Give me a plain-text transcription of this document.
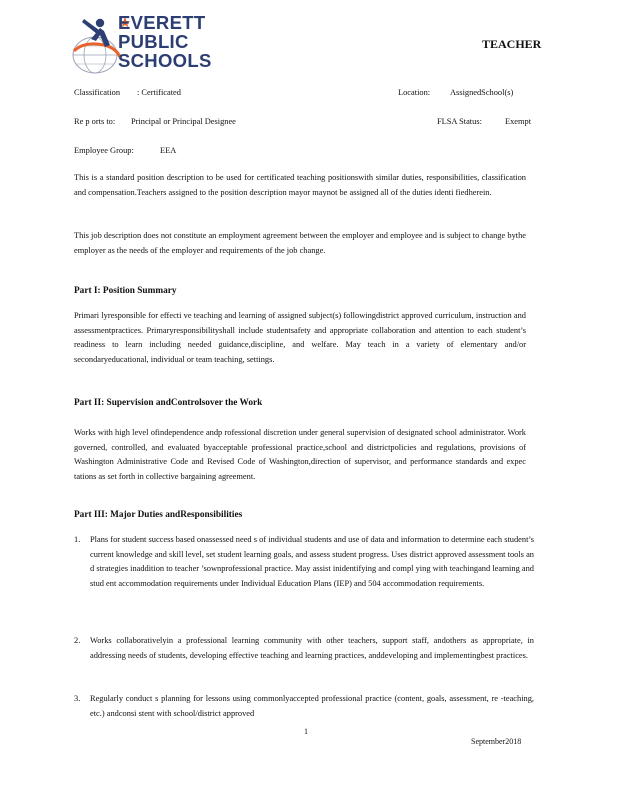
EVERETT
PUBLIC
SCHOOLS
TEACHER
Classification : Certificated	Location: AssignedSchool(s)
Re p orts to: Principal or Principal Designee	FLSA Status:	Exempt
Employee Group:	EEA

This is a standard position description to be used for certificated teaching positionswith similar duties, responsibilities, classification and compensation.Teachers assigned to the position description mayor maynot be assigned all of the duties identi fiedherein.

This job description does not constitute an employment agreement between the employer and employee and is subject to change bythe employer as the needs of the employer and requirements of the job change.

Part I: Position Summary

Primari lyresponsible for effecti ve teaching and learning of assigned subject(s) followingdistrict approved curriculum, instruction and assessmentpractices. Primaryresponsibilityshall include studentsafety and appropriate collaboration and attention to each student’s readiness to learn including needed guidance,discipline, and welfare. May teach in a variety of elementary and/or secondaryeducational, individual or team teaching, settings.

Part II: Supervision andControlsover the Work

Works with high level ofindependence andp rofessional discretion under general supervision of designated school administrator. Work governed, controlled, and evaluated byacceptable professional practice,school and districtpolicies and regulations, provisions of Washington Administrative Code and Revised Code of Washington,direction of supervisor, and performance standards and expec tations as set forth in collective bargaining agreement.

Part III: Major Duties andResponsibilities
1. Plans for student success based onassessed need s of individual students and use of data and information to determine each student’s current knowledge and skill level, set student learning goals, and assess student progress. Uses district approved assessment tools an d strategies inaddition to teacher ’sownprofessional practice. May assist inidentifying and compl ying with teachingand learning and stud ent accommodation requirements under Individual Education Plans (IEP) and 504 accommodation requirements.
2. Works collaborativelyin a professional learning community with other teachers, support staff, andothers as appropriate, in addressing needs of students, developing effective teaching and learning practices, anddeveloping and implementingbest practices.
3. Regularly conduct s planning for lessons using commonlyaccepted professional practice (content, goals, assessment, re -teaching, etc.) andconsi stent with school/district approved
1
September2018
